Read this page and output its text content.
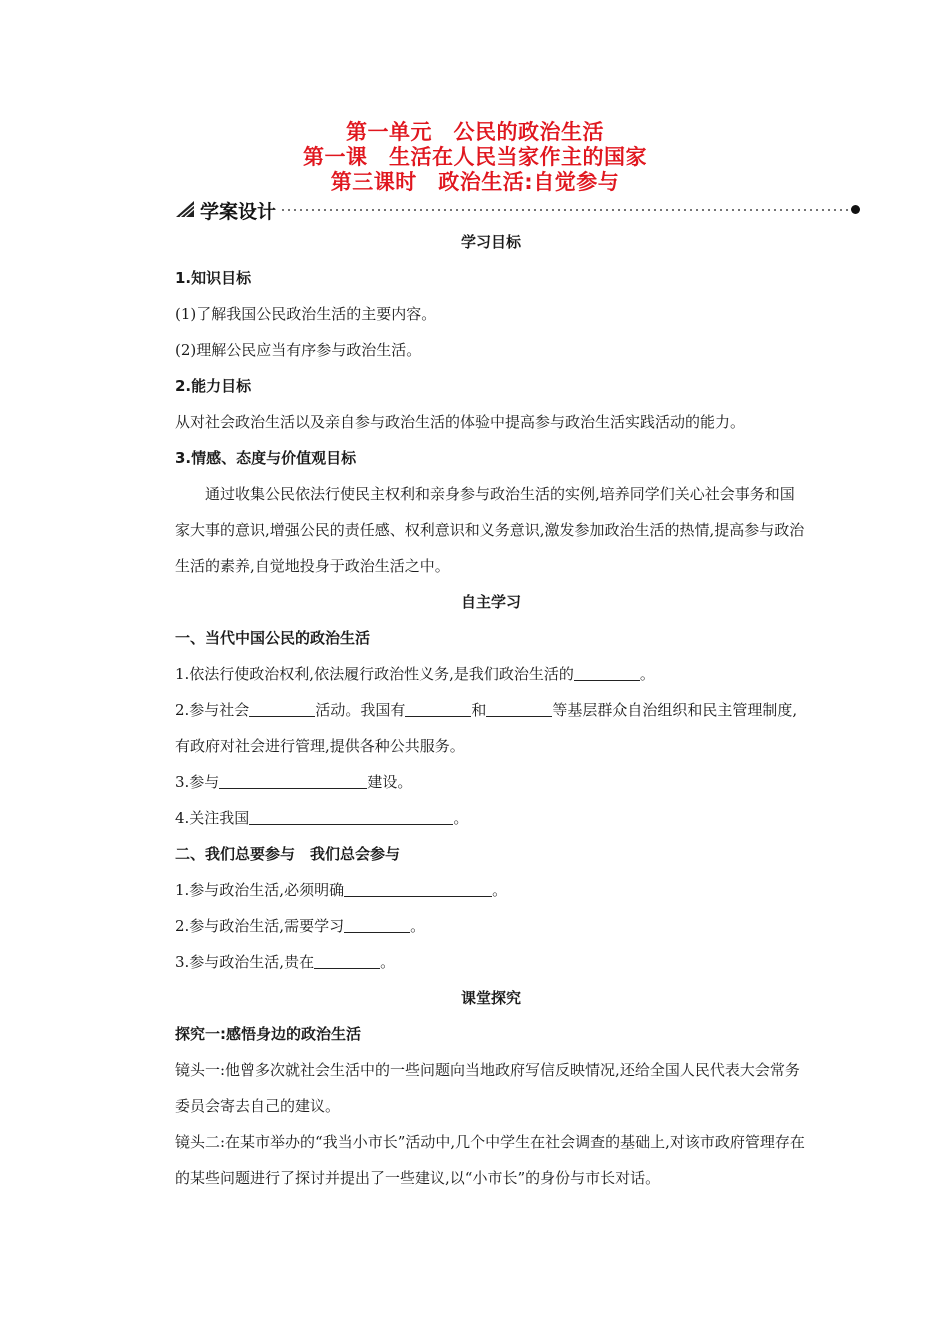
第一单元　公民的政治生活
第一课　生活在人民当家作主的国家
第三课时　政治生活:自觉参与
学案设计
学习目标
1.知识目标
(1)了解我国公民政治生活的主要内容。
(2)理解公民应当有序参与政治生活。
2.能力目标
从对社会政治生活以及亲自参与政治生活的体验中提高参与政治生活实践活动的能力。
3.情感、态度与价值观目标
通过收集公民依法行使民主权利和亲身参与政治生活的实例,培养同学们关心社会事务和国家大事的意识,增强公民的责任感、权利意识和义务意识,激发参加政治生活的热情,提高参与政治生活的素养,自觉地投身于政治生活之中。
自主学习
一、当代中国公民的政治生活
1.依法行使政治权利,依法履行政治性义务,是我们政治生活的	。
2.参与社会	活动。我国有	和	等基层群众自治组织和民主管理制度,有政府对社会进行管理,提供各种公共服务。
3.参与	建设。
4.关注我国	。
二、我们总要参与　我们总会参与
1.参与政治生活,必须明确	。
2.参与政治生活,需要学习	。
3.参与政治生活,贵在	。
课堂探究
探究一:感悟身边的政治生活
镜头一:他曾多次就社会生活中的一些问题向当地政府写信反映情况,还给全国人民代表大会常务委员会寄去自己的建议。
镜头二:在某市举办的“我当小市长”活动中,几个中学生在社会调查的基础上,对该市政府管理存在的某些问题进行了探讨并提出了一些建议,以“小市长”的身份与市长对话。
